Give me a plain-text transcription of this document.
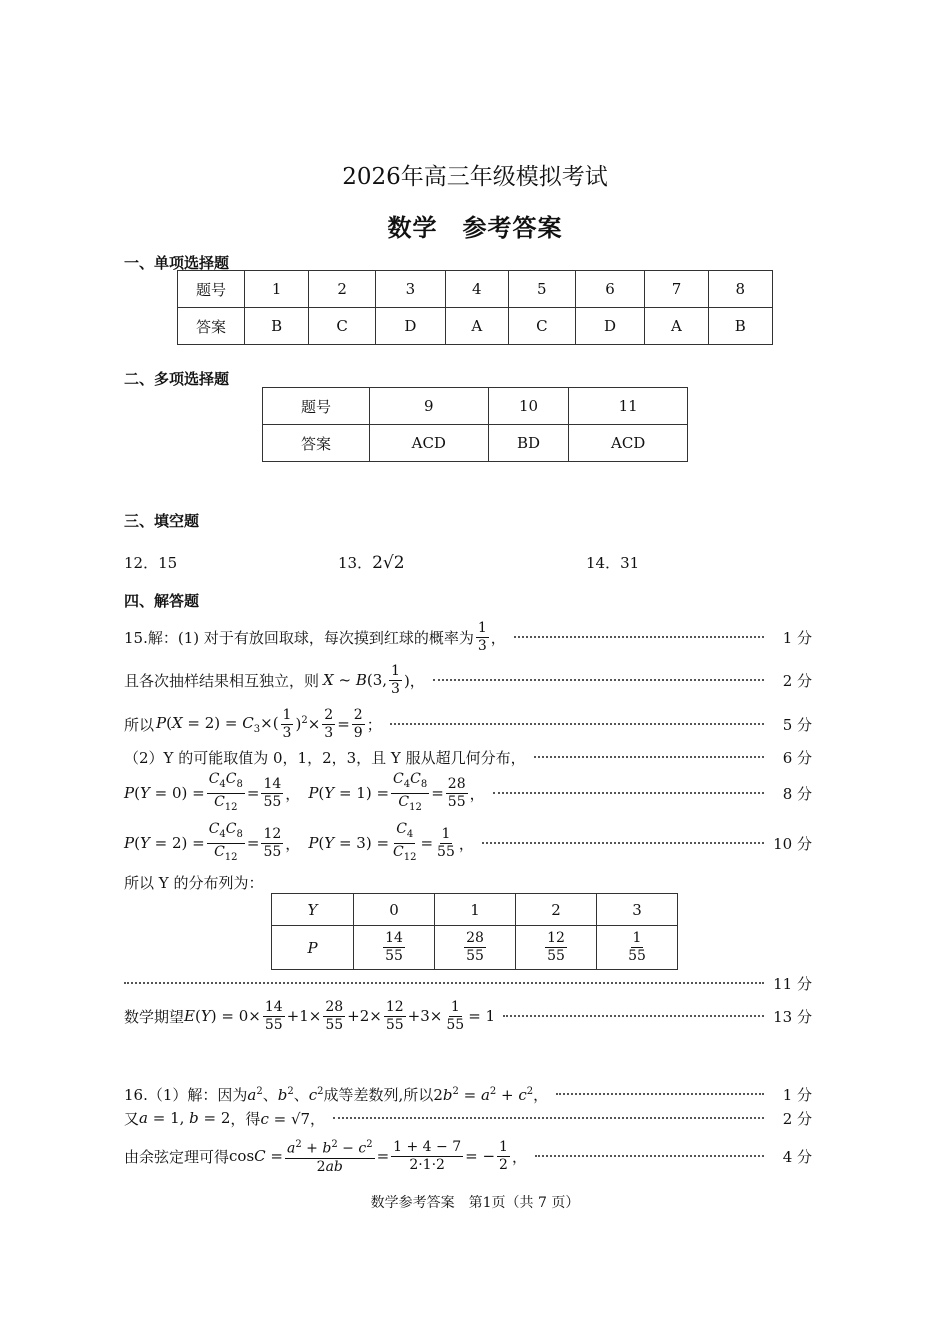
2026年高三年级模拟考试
数学　参考答案
一、单项选择题
题号	1	2	3	4	5	6	7	8
答案	B	C	D	A	C	D	A	B
二、多项选择题
题号	9	10	11
答案	ACD	BD	ACD
三、填空题
12．15	13．2√2	14．31
四、解答题
15.解：(1) 对于有放回取球，每次摸到红球的概率为 $\frac{1}{3}$ ，	1 分
且各次抽样结果相互独立，则 X ~ B(3, $\frac{1}{3}$ )，	2 分
所以 $P(X = 2) = C_3\times( \frac{1}{3} )^2\times \frac{2}{3} = \frac{2}{9}$ ；	5 分
（2）Y 的可能取值为 0，1，2，3，且 Y 服从超几何分布，	6 分
$P(Y = 0) = \frac{C_4C_8}{C_{12}} = \frac{14}{55}$ ， $P(Y = 1) = \frac{C_4C_8}{C_{12}} = \frac{28}{55}$ ，	8 分
$P(Y = 2) = \frac{C_4C_8}{C_{12}} = \frac{12}{55}$ ， $P(Y = 3) = \frac{C_4}{C_{12}} = \frac{1}{55}$ ，	10 分
所以 Y 的分布列为：
Y	0	1	2	3
P	$\frac{14}{55}$	$\frac{28}{55}$	$\frac{12}{55}$	$\frac{1}{55}$
11 分
数学期望 $E(Y) = 0\times \frac{14}{55} +1\times \frac{28}{55} +2\times \frac{12}{55} +3\times \frac{1}{55} = 1$	13 分
16.（1）解：因为 $a^2$、$b^2$、$c^2$ 成等差数列,所以 $2b^2 = a^2 + c^2$，	1 分
又 a = 1, b = 2 ，得 c = √7，	2 分
由余弦定理可得 $\cos C = \frac{a^2 + b^2 - c^2}{2ab} = \frac{1 + 4 - 7}{2\cdot 1\cdot 2}$ = − $\frac{1}{2}$ ，	4 分
数学参考答案　第1页（共 7 页）
